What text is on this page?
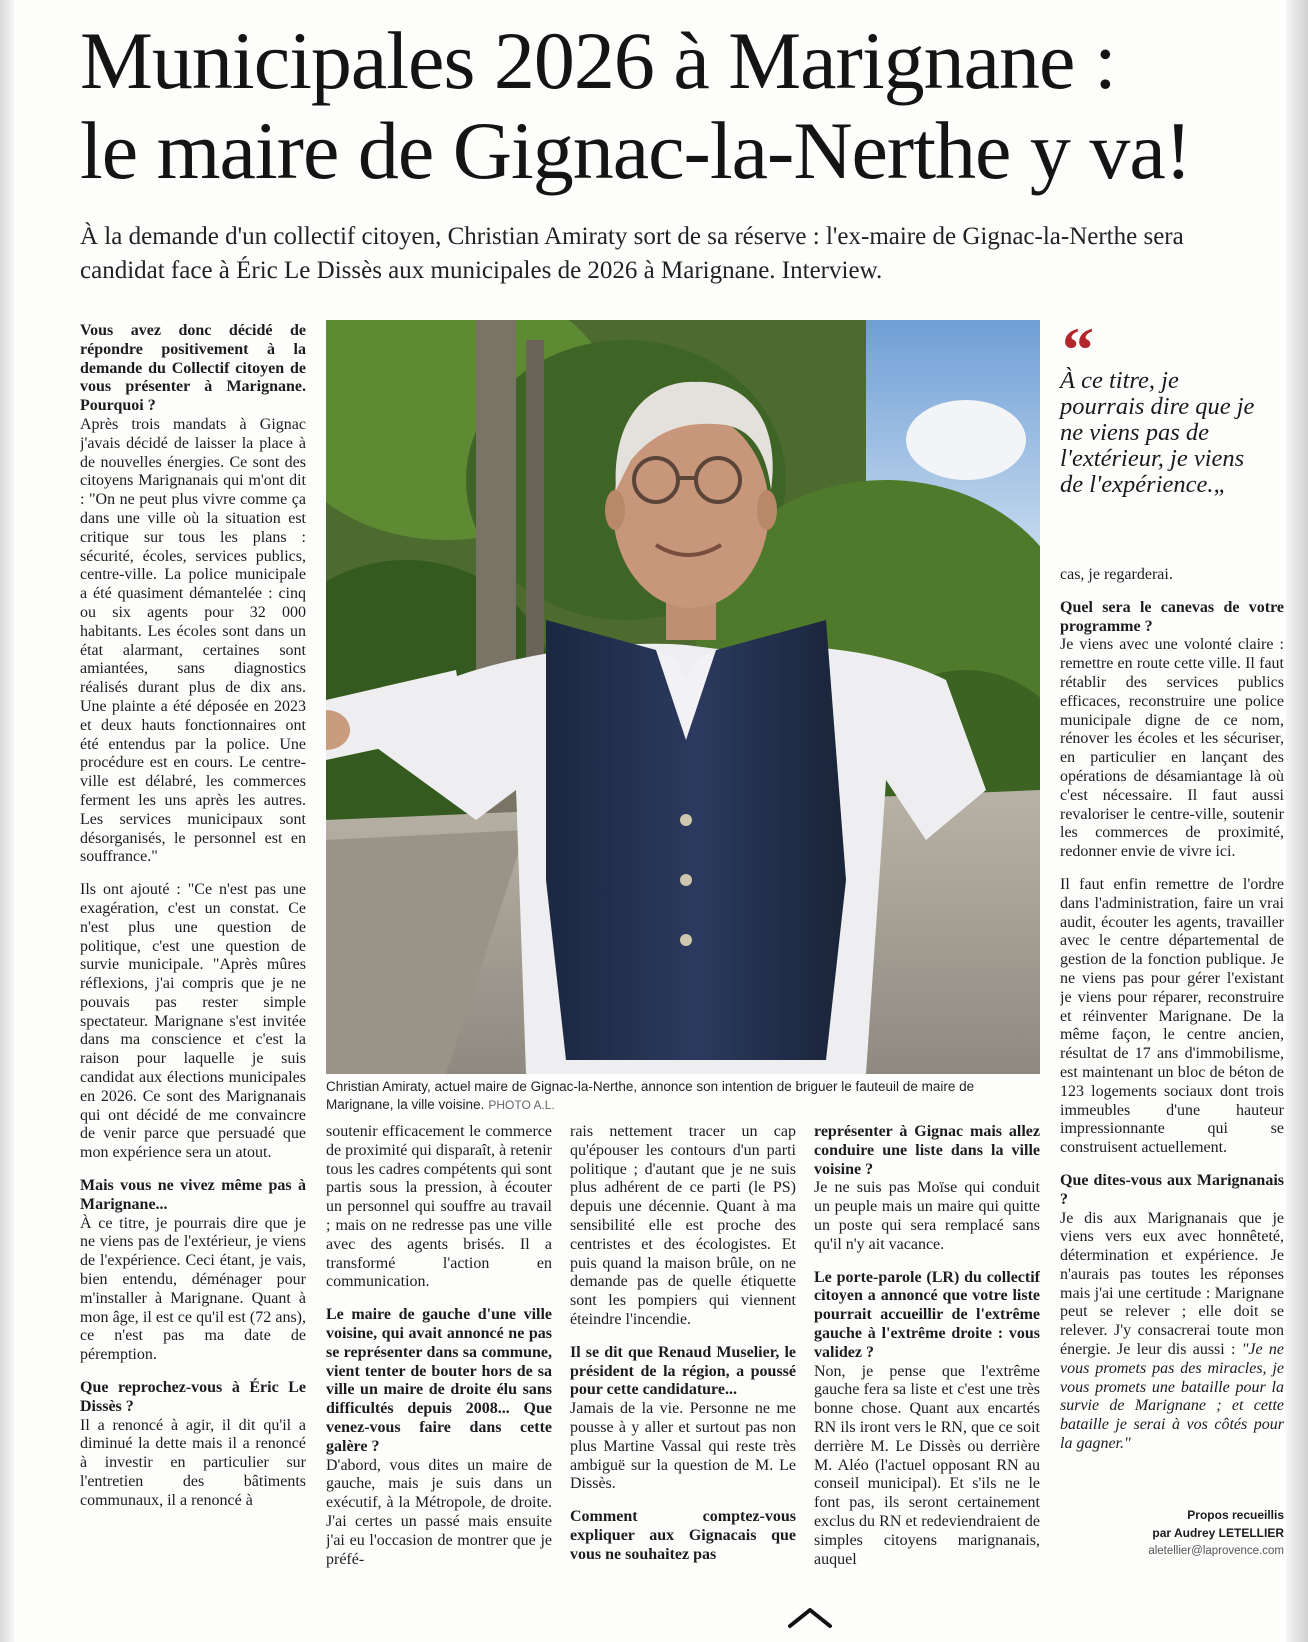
Municipales 2026 à Marignane :
le maire de Gignac-la-Nerthe y va!

À la demande d'un collectif citoyen, Christian Amiraty sort de sa réserve : l'ex-maire de Gignac-la-Nerthe sera candidat face à Éric Le Dissès aux municipales de 2026 à Marignane. Interview.

Vous avez donc décidé de répondre positivement à la demande du Collectif citoyen de vous présenter à Marignane. Pourquoi ?

Après trois mandats à Gignac j'avais décidé de laisser la place à de nouvelles énergies. Ce sont des citoyens Marignanais qui m'ont dit : "On ne peut plus vivre comme ça dans une ville où la situation est critique sur tous les plans : sécurité, écoles, services publics, centre-ville. La police municipale a été quasiment démantelée : cinq ou six agents pour 32 000 habitants. Les écoles sont dans un état alarmant, certaines sont amiantées, sans diagnostics réalisés durant plus de dix ans. Une plainte a été déposée en 2023 et deux hauts fonctionnaires ont été entendus par la police. Une procédure est en cours. Le centre-ville est délabré, les commerces ferment les uns après les autres. Les services municipaux sont désorganisés, le personnel est en souffrance."

Ils ont ajouté : "Ce n'est pas une exagération, c'est un constat. Ce n'est plus une question de politique, c'est une question de survie municipale. "Après mûres réflexions, j'ai compris que je ne pouvais pas rester simple spectateur. Marignane s'est invitée dans ma conscience et c'est la raison pour laquelle je suis candidat aux élections municipales en 2026. Ce sont des Marignanais qui ont décidé de me convaincre de venir parce que persuadé que mon expérience sera un atout.

Mais vous ne vivez même pas à Marignane...

À ce titre, je pourrais dire que je ne viens pas de l'extérieur, je viens de l'expérience. Ceci étant, je vais, bien entendu, déménager pour m'installer à Marignane. Quant à mon âge, il est ce qu'il est (72 ans), ce n'est pas ma date de péremption.

Que reprochez-vous à Éric Le Dissès ?

Il a renoncé à agir, il dit qu'il a diminué la dette mais il a renoncé à investir en particulier sur l'entretien des bâtiments communaux, il a renoncé à

Christian Amiraty, actuel maire de Gignac-la-Nerthe, annonce son intention de briguer le fauteuil de maire de Marignane, la ville voisine. PHOTO A.L.

soutenir efficacement le commerce de proximité qui disparaît, à retenir tous les cadres compétents qui sont partis sous la pression, à écouter un personnel qui souffre au travail ; mais on ne redresse pas une ville avec des agents brisés. Il a transformé l'action en communication.

Le maire de gauche d'une ville voisine, qui avait annoncé ne pas se représenter dans sa commune, vient tenter de bouter hors de sa ville un maire de droite élu sans difficultés depuis 2008... Que venez-vous faire dans cette galère ?

D'abord, vous dites un maire de gauche, mais je suis dans un exécutif, à la Métropole, de droite. J'ai certes un passé mais ensuite j'ai eu l'occasion de montrer que je préfé-

rais nettement tracer un cap qu'épouser les contours d'un parti politique ; d'autant que je ne suis plus adhérent de ce parti (le PS) depuis une décennie. Quant à ma sensibilité elle est proche des centristes et des écologistes. Et puis quand la maison brûle, on ne demande pas de quelle étiquette sont les pompiers qui viennent éteindre l'incendie.

Il se dit que Renaud Muselier, le président de la région, a poussé pour cette candidature...

Jamais de la vie. Personne ne me pousse à y aller et surtout pas non plus Martine Vassal qui reste très ambiguë sur la question de M. Le Dissès.

Comment comptez-vous expliquer aux Gignacais que vous ne souhaitez pas

représenter à Gignac mais allez conduire une liste dans la ville voisine ?

Je ne suis pas Moïse qui conduit un peuple mais un maire qui quitte un poste qui sera remplacé sans qu'il n'y ait vacance.

Le porte-parole (LR) du collectif citoyen a annoncé que votre liste pourrait accueillir de l'extrême gauche à l'extrême droite : vous validez ?

Non, je pense que l'extrême gauche fera sa liste et c'est une très bonne chose. Quant aux encartés RN ils iront vers le RN, que ce soit derrière M. Le Dissès ou derrière M. Aléo (l'actuel opposant RN au conseil municipal). Et s'ils ne le font pas, ils seront certainement exclus du RN et redeviendraient de simples citoyens marignanais, auquel

“
À ce titre, je pourrais dire que je ne viens pas de l'extérieur, je viens de l'expérience.„

cas, je regarderai.

Quel sera le canevas de votre programme ?

Je viens avec une volonté claire : remettre en route cette ville. Il faut rétablir des services publics efficaces, reconstruire une police municipale digne de ce nom, rénover les écoles et les sécuriser, en particulier en lançant des opérations de désamiantage là où c'est nécessaire. Il faut aussi revaloriser le centre-ville, soutenir les commerces de proximité, redonner envie de vivre ici.

Il faut enfin remettre de l'ordre dans l'administration, faire un vrai audit, écouter les agents, travailler avec le centre départemental de gestion de la fonction publique. Je ne viens pas pour gérer l'existant je viens pour réparer, reconstruire et réinventer Marignane. De la même façon, le centre ancien, résultat de 17 ans d'immobilisme, est maintenant un bloc de béton de 123 logements sociaux dont trois immeubles d'une hauteur impressionnante qui se construisent actuellement.

Que dites-vous aux Marignanais ?

Je dis aux Marignanais que je viens vers eux avec honnêteté, détermination et expérience. Je n'aurais pas toutes les réponses mais j'ai une certitude : Marignane peut se relever ; elle doit se relever. J'y consacrerai toute mon énergie. Je leur dis aussi : "Je ne vous promets pas des miracles, je vous promets une bataille pour la survie de Marignane ; et cette bataille je serai à vos côtés pour la gagner."

Propos recueillis
par Audrey LETELLIER
aletellier@laprovence.com
